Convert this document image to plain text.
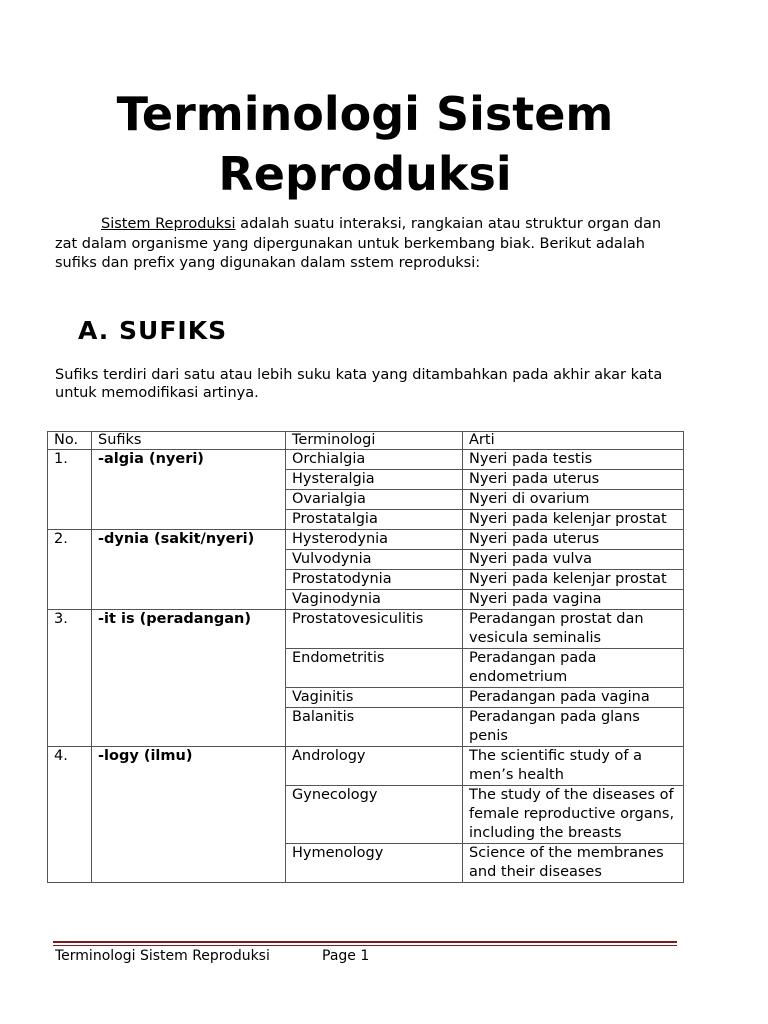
Terminologi Sistem
Reproduksi
Sistem Reproduksi adalah suatu interaksi, rangkaian atau struktur organ dan zat dalam organisme yang dipergunakan untuk berkembang biak. Berikut adalah sufiks dan prefix yang digunakan dalam sstem reproduksi:
A. SUFIKS
Sufiks terdiri dari satu atau lebih suku kata yang ditambahkan pada akhir akar kata untuk memodifikasi artinya.
No.	Sufiks	Terminologi	Arti
1.	-algia (nyeri)	Orchialgia	Nyeri pada testis
		Hysteralgia	Nyeri pada uterus
		Ovarialgia	Nyeri di ovarium
		Prostatalgia	Nyeri pada kelenjar prostat
2.	-dynia (sakit/nyeri)	Hysterodynia	Nyeri pada uterus
		Vulvodynia	Nyeri pada vulva
		Prostatodynia	Nyeri pada kelenjar prostat
		Vaginodynia	Nyeri pada vagina
3.	-it is (peradangan)	Prostatovesiculitis	Peradangan prostat dan vesicula seminalis
		Endometritis	Peradangan pada endometrium
		Vaginitis	Peradangan pada vagina
		Balanitis	Peradangan pada glans penis
4.	-logy (ilmu)	Andrology	The scientific study of a men’s health
		Gynecology	The study of the diseases of female reproductive organs,
including the breasts
		Hymenology	Science of the membranes and their diseases
Terminologi Sistem Reproduksi	Page 1
